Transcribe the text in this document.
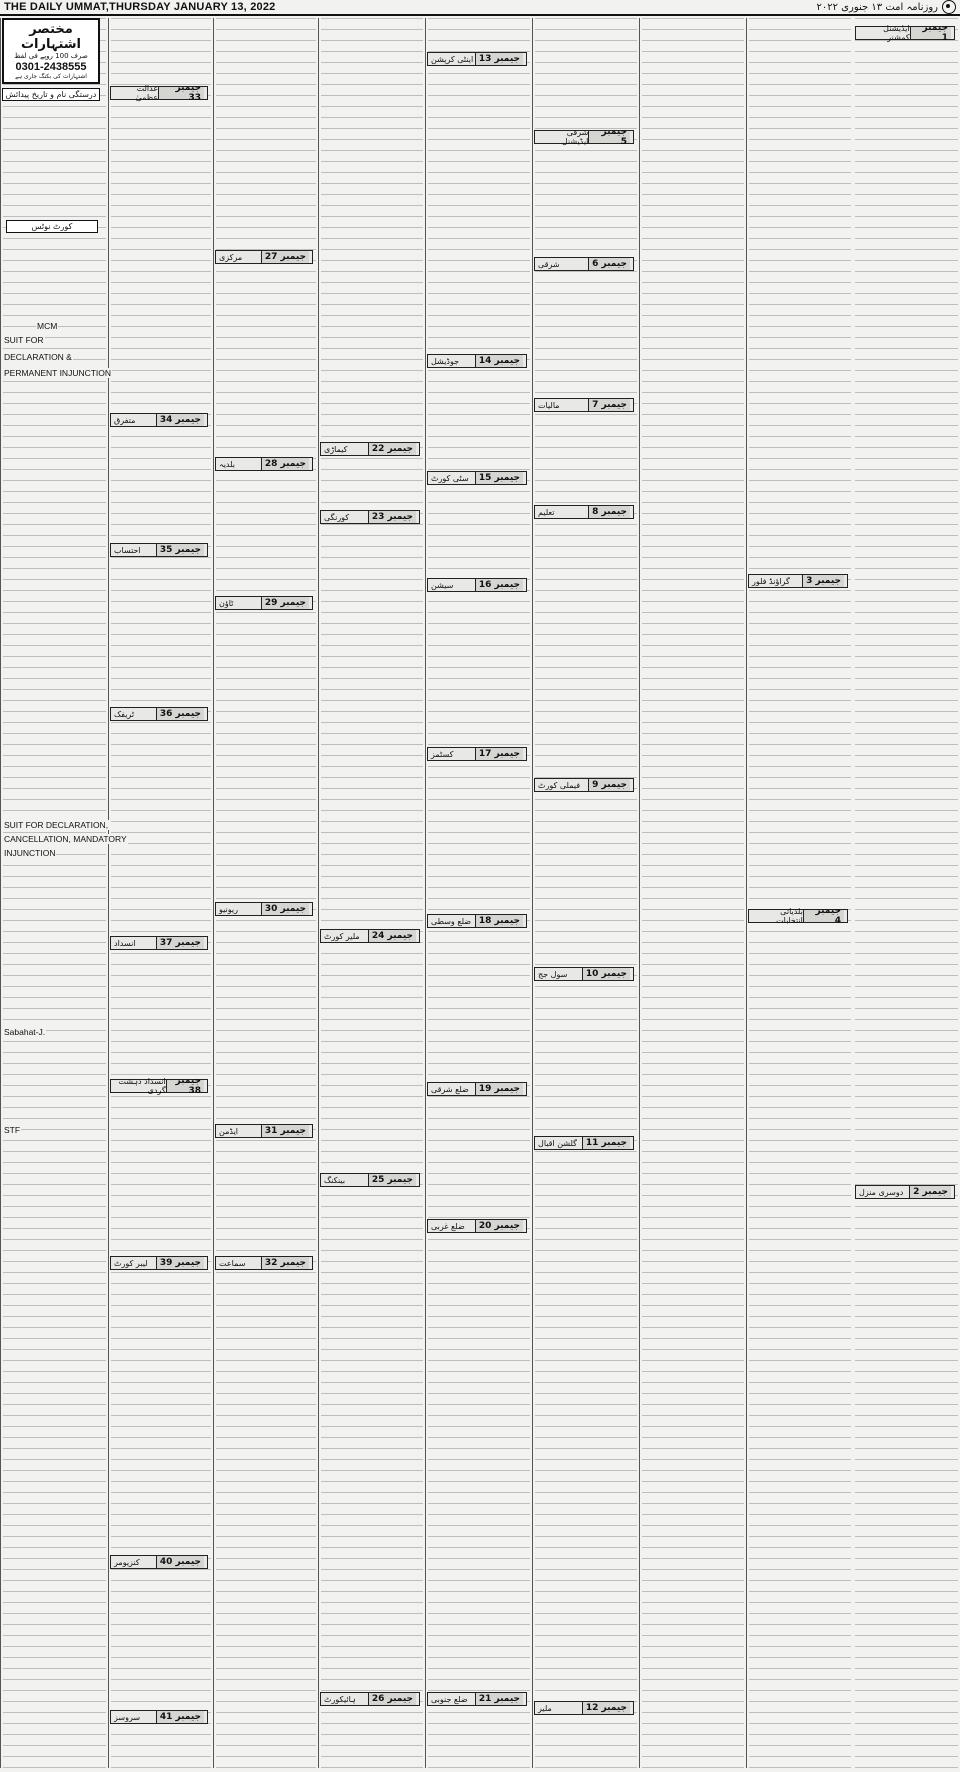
THE DAILY UMMAT,THURSDAY JANUARY 13, 2022	روزنامہ امت ۱۳ جنوری ۲۰۲۲
مختصر اشتہارات
صرف 100 روپے فی لفظ
0301-2438555
اشتہارات کی بکنگ جاری ہے
درستگی نام و تاریخ پیدائش
کورٹ نوٹس
SUIT FOR
DECLARATION &
PERMANENT INJUNCTION
SUIT FOR DECLARATION,
CANCELLATION, MANDATORY
INJUNCTION
Sabahat-J.
STF
MCM
جیمبر 1
ایڈیشنل کمشنر
جیمبر 2
دوسری منزل
جیمبر 3
گراؤنڈ فلور
جیمبر 4
بلدیاتی انتخابات
جیمبر 5
شرقی ایڈیشنل
جیمبر 6
شرقی
جیمبر 7
مالیات
جیمبر 8
تعلیم
جیمبر 9
فیملی کورٹ
جیمبر 10
سول جج
جیمبر 11
گلشن اقبال
جیمبر 12
ملیر
جیمبر 13
اینٹی کرپشن
جیمبر 14
جوڈیشل
جیمبر 15
سٹی کورٹ
جیمبر 16
سیشن
جیمبر 17
کسٹمز
جیمبر 18
ضلع وسطی
جیمبر 19
ضلع شرقی
جیمبر 20
ضلع غربی
جیمبر 21
ضلع جنوبی
جیمبر 22
کیماڑی
جیمبر 23
کورنگی
جیمبر 24
ملیر کورٹ
جیمبر 25
بینکنگ
جیمبر 26
ہائیکورٹ
جیمبر 27
مرکزی
جیمبر 28
بلدیہ
جیمبر 29
ٹاؤن
جیمبر 30
ریونیو
جیمبر 31
ایڈمن
جیمبر 32
سماعت
جیمبر 33
عدالت عظمیٰ
جیمبر 34
متفرق
جیمبر 35
احتساب
جیمبر 36
ٹریفک
جیمبر 37
انسداد
جیمبر 38
انسداد دہشت گردی
جیمبر 39
لیبر کورٹ
جیمبر 40
کنزیومر
جیمبر 41
سروسز
